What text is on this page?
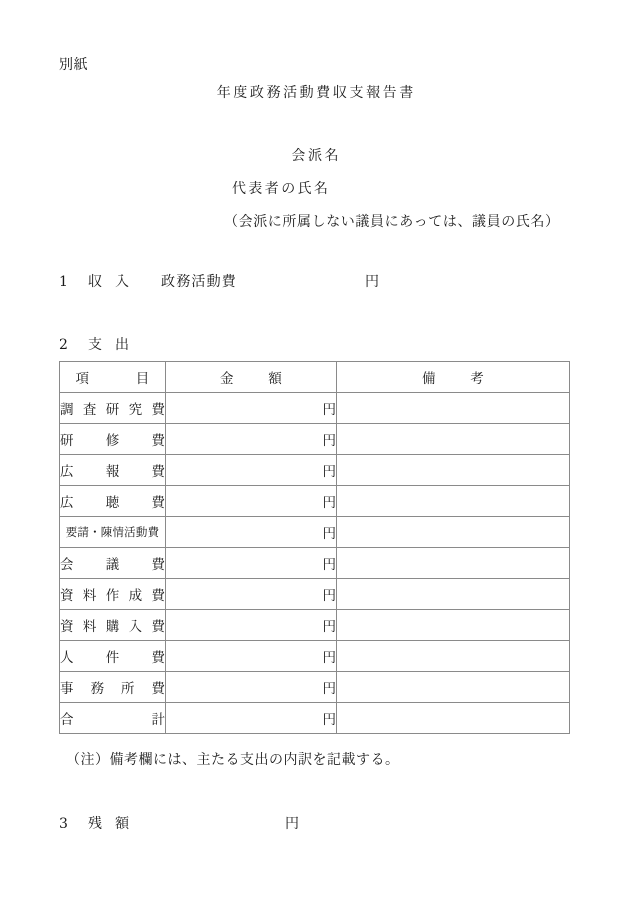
別紙
年度政務活動費収支報告書
会派名
代表者の氏名
（会派に所属しない議員にあっては、議員の氏名）
1 収入 政務活動費	円
2 支出
項目	金額	備考

調査研究費	円	

研修費	円	

広報費	円	

広聴費	円	

要請・陳情活動費	円	

会議費	円	

資料作成費	円	

資料購入費	円	

人件費	円	

事務所費	円	

合計	円	
（注）備考欄には、主たる支出の内訳を記載する。
3 残額	円
